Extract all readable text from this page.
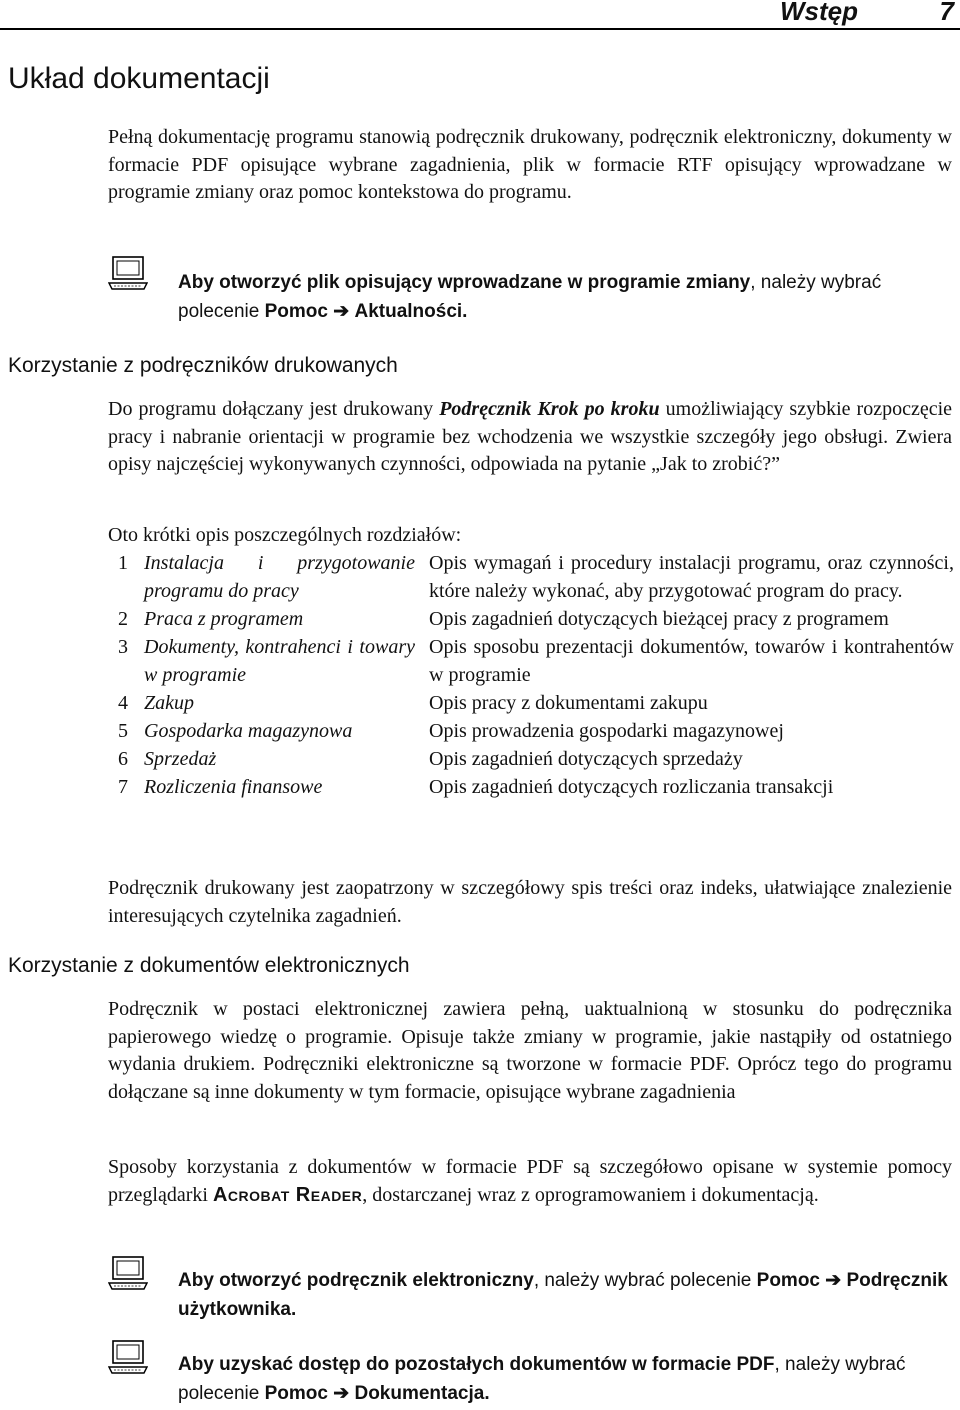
Wstęp	7
Układ dokumentacji

Pełną dokumentację programu stanowią podręcznik drukowany, podręcznik elektroniczny, dokumenty w formacie PDF opisujące wybrane zagadnienia, plik w formacie RTF opisujący wprowadzane w programie zmiany oraz pomoc kontekstowa do programu.

Aby otworzyć plik opisujący wprowadzane w programie zmiany, należy wybrać polecenie Pomoc ➔ Aktualności.
Korzystanie z podręczników drukowanych

Do programu dołączany jest drukowany Podręcznik Krok po kroku umożliwiający szybkie rozpoczęcie pracy i nabranie orientacji w programie bez wchodzenia we wszystkie szczegóły jego obsługi. Zwiera opisy najczęściej wykonywanych czynności, odpowiada na pytanie „Jak to zrobić?”

Oto krótki opis poszczególnych rozdziałów:

1	Instalacja i przygotowanie programu do pracy	Opis wymagań i procedury instalacji programu, oraz czynności, które należy wykonać, aby przygotować program do pracy.
2	Praca z programem	Opis zagadnień dotyczących bieżącej pracy z programem
3	Dokumenty, kontrahenci i towary w programie	Opis sposobu prezentacji dokumentów, towarów i kontrahentów w programie
4	Zakup	Opis pracy z dokumentami zakupu
5	Gospodarka magazynowa	Opis prowadzenia gospodarki magazynowej
6	Sprzedaż	Opis zagadnień dotyczących sprzedaży
7	Rozliczenia finansowe	Opis zagadnień dotyczących rozliczania transakcji

Podręcznik drukowany jest zaopatrzony w szczegółowy spis treści oraz indeks, ułatwiające znalezienie interesujących czytelnika zagadnień.

Korzystanie z dokumentów elektronicznych

Podręcznik w postaci elektronicznej zawiera pełną, uaktualnioną w stosunku do podręcznika papierowego wiedzę o programie. Opisuje także zmiany w programie, jakie nastąpiły od ostatniego wydania drukiem. Podręczniki elektroniczne są tworzone w formacie PDF. Oprócz tego do programu dołączane są inne dokumenty w tym formacie, opisujące wybrane zagadnienia

Sposoby korzystania z dokumentów w formacie PDF są szczegółowo opisane w systemie pomocy przeglądarki Acrobat Reader, dostarczanej wraz z oprogramowaniem i dokumentacją.

Aby otworzyć podręcznik elektroniczny, należy wybrać polecenie Pomoc ➔ Podręcznik użytkownika.
Aby uzyskać dostęp do pozostałych dokumentów w formacie PDF, należy wybrać polecenie Pomoc ➔ Dokumentacja.
